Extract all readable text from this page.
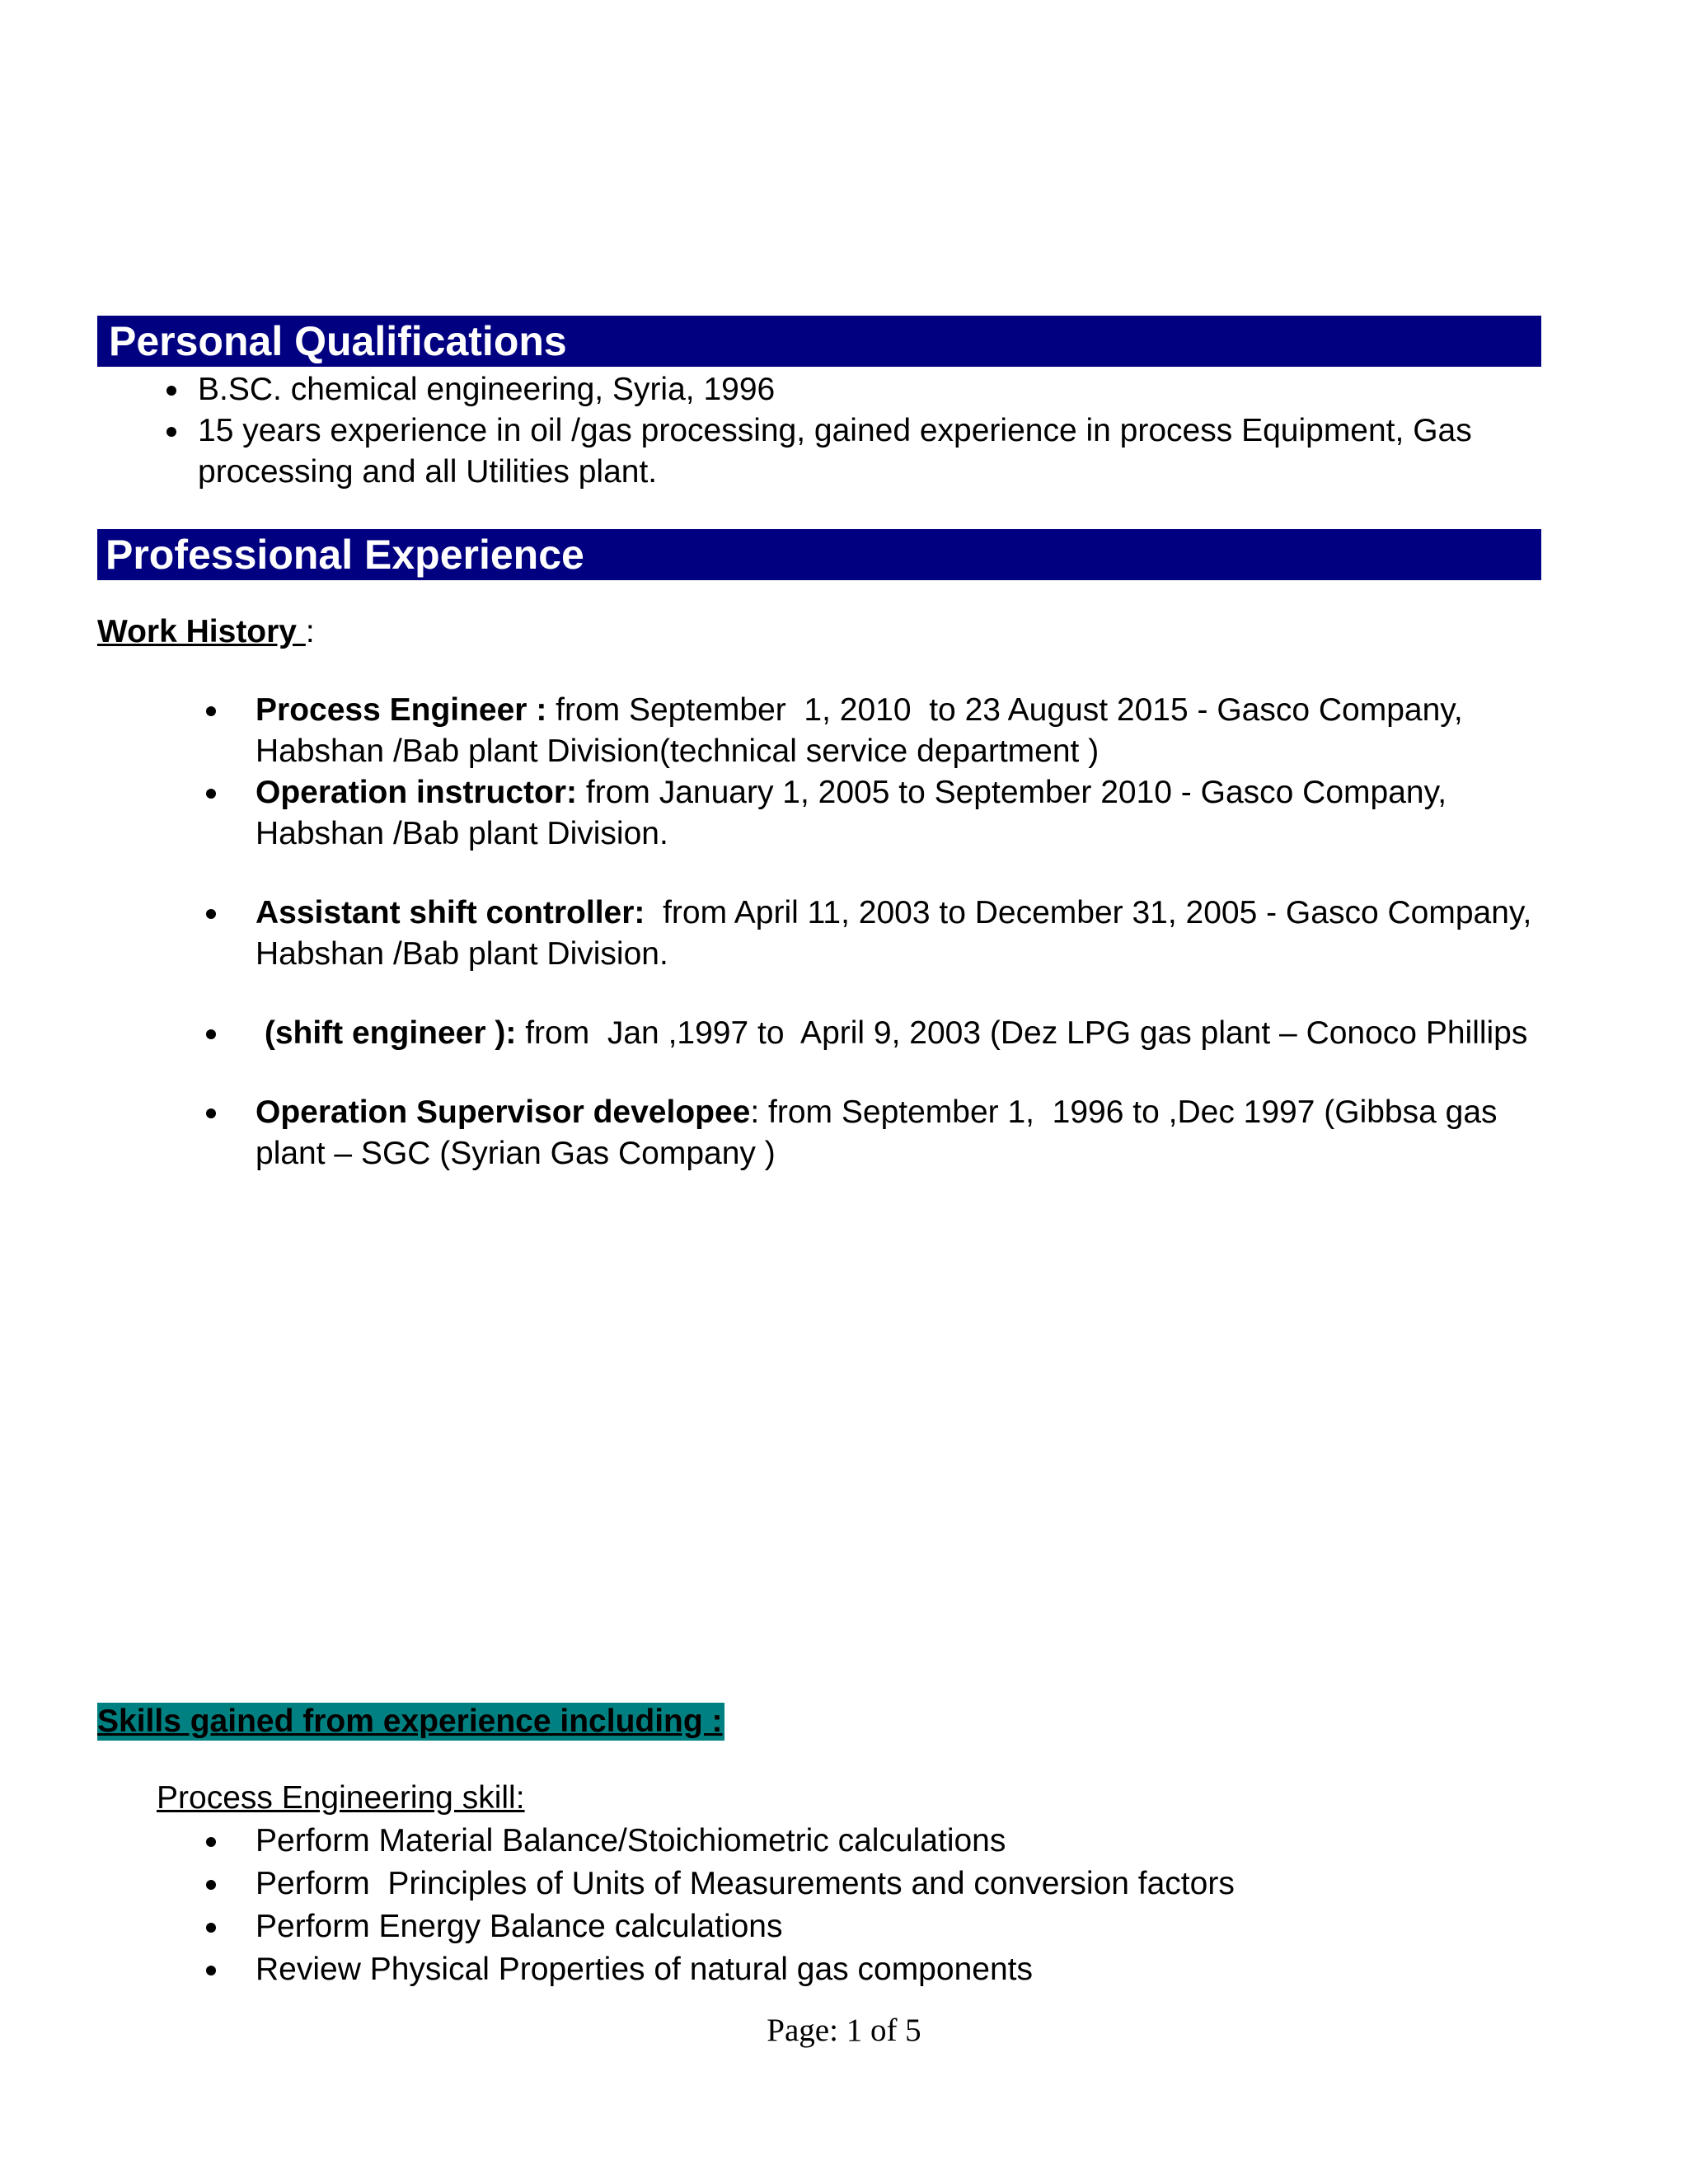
Personal Qualifications
B.SC. chemical engineering, Syria, 1996
15 years experience in oil /gas processing, gained experience in process Equipment, Gas processing and all Utilities plant.
Professional Experience
Work History :
Process Engineer : from September  1, 2010  to 23 August 2015 - Gasco Company, Habshan /Bab plant Division(technical service department )
Operation instructor: from January 1, 2005 to September 2010 - Gasco Company, Habshan /Bab plant Division.
Assistant shift controller:  from April 11, 2003 to December 31, 2005 - Gasco Company, Habshan /Bab plant Division.
(shift engineer ): from  Jan ,1997 to  April 9, 2003 (Dez LPG gas plant – Conoco Phillips
Operation Supervisor developee: from September 1,  1996 to ,Dec 1997 (Gibbsa gas plant – SGC (Syrian Gas Company )
Skills gained from experience including :
Process Engineering skill:
Perform Material Balance/Stoichiometric calculations
Perform  Principles of Units of Measurements and conversion factors
Perform Energy Balance calculations
Review Physical Properties of natural gas components
Page: 1 of 5
